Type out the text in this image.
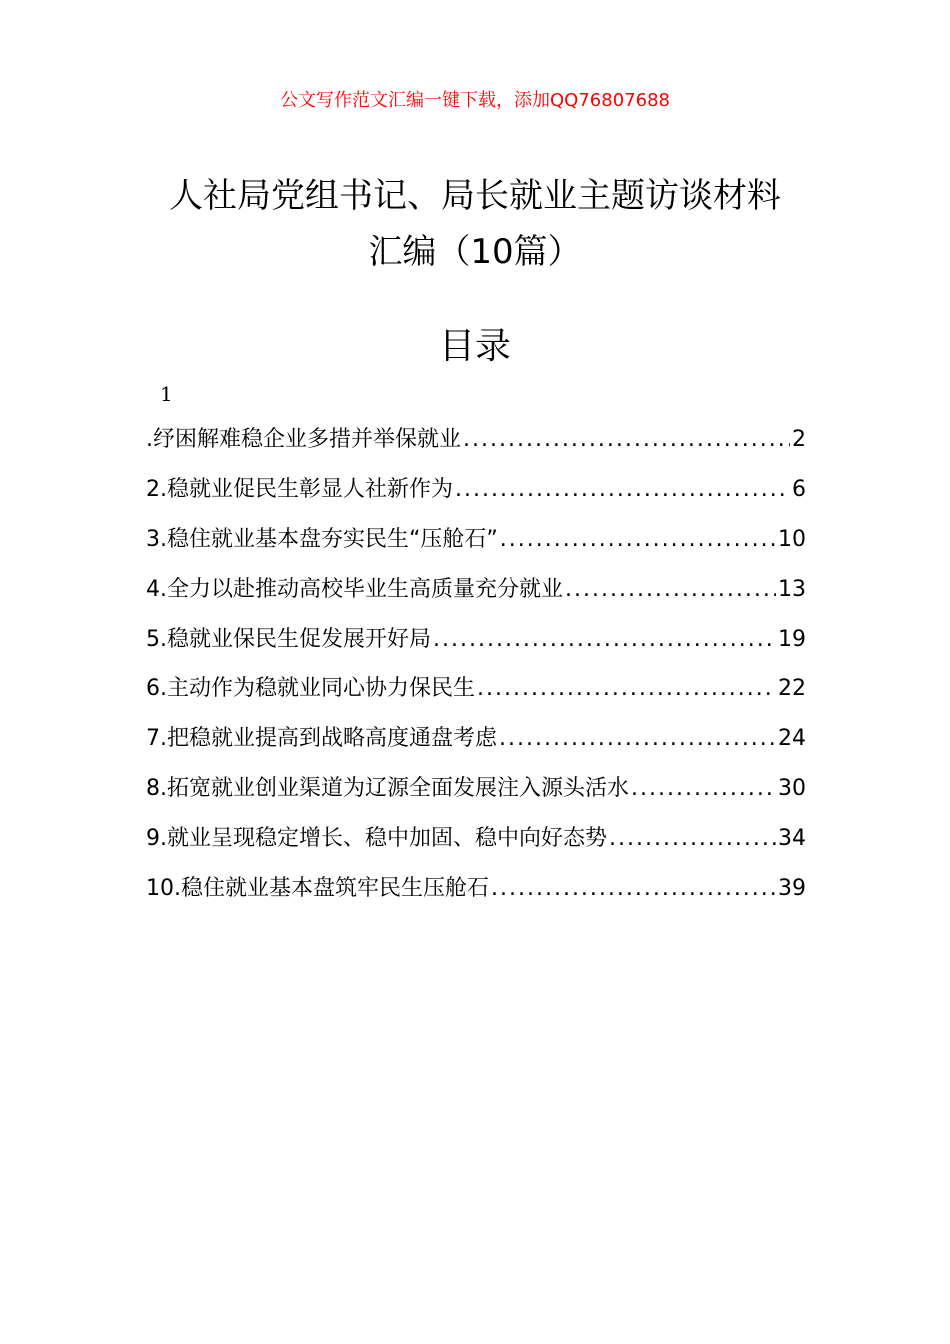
公文写作范文汇编一键下载，添加QQ76807688
人社局党组书记、局长就业主题访谈材料
汇编（10篇）
目录
1
.纾困解难稳企业多措并举保就业 .....	2
2.稳就业促民生彰显人社新作为 .....	6
3.稳住就业基本盘夯实民生“压舱石” .....	10
4.全力以赴推动高校毕业生高质量充分就业 .....	13
5.稳就业保民生促发展开好局 .....	19
6.主动作为稳就业同心协力保民生 .....	22
7.把稳就业提高到战略高度通盘考虑 .....	24
8.拓宽就业创业渠道为辽源全面发展注入源头活水 .....	30
9.就业呈现稳定增长、稳中加固、稳中向好态势 .....	34
10.稳住就业基本盘筑牢民生压舱石 .....	39
